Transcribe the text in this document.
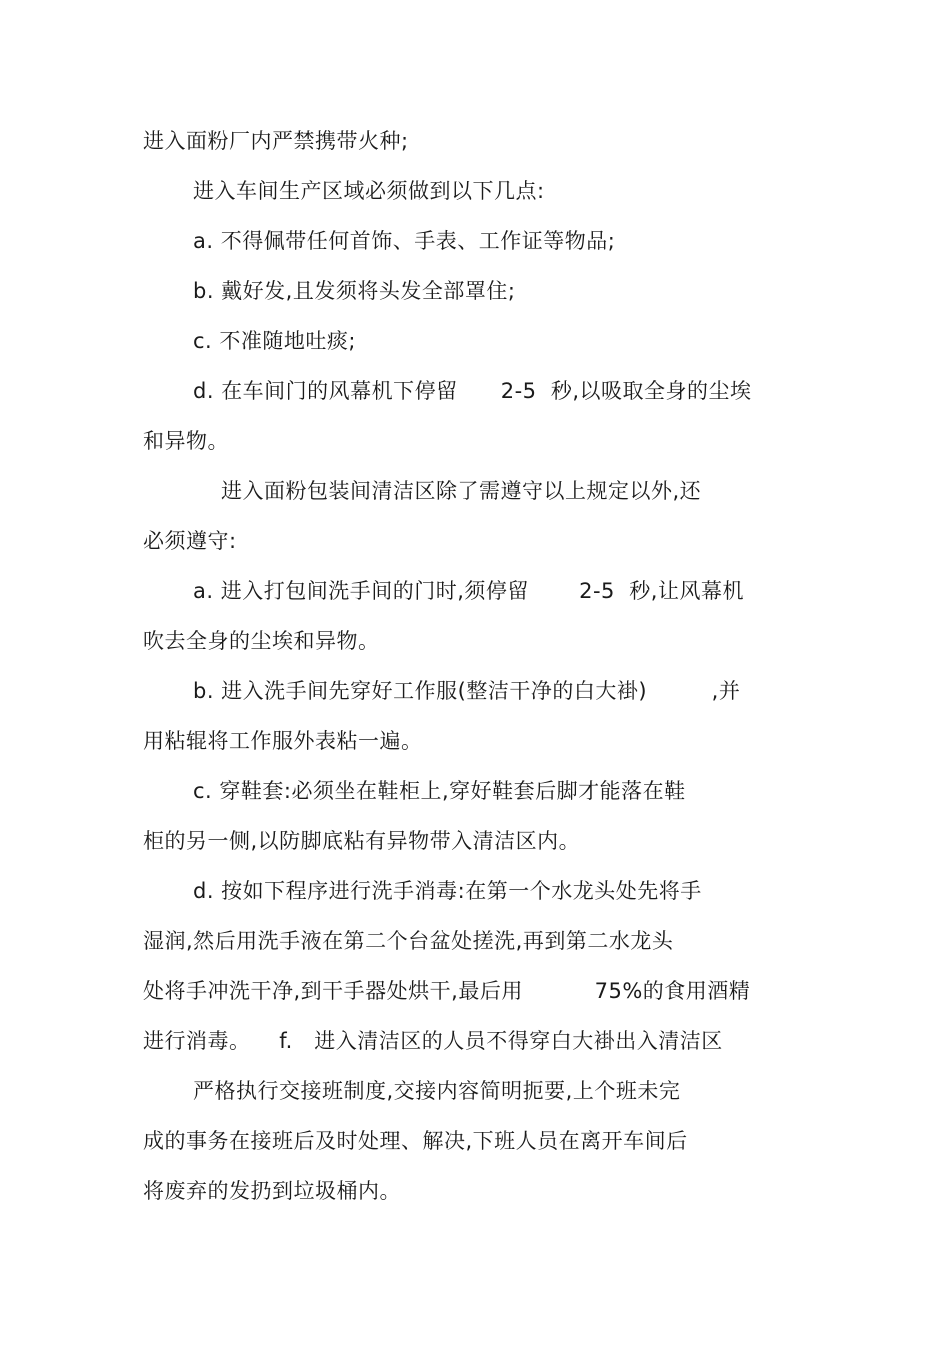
进入面粉厂内严禁携带火种;
进入车间生产区域必须做到以下几点:
a. 不得佩带任何首饰、手表、工作证等物品;
b. 戴好发,且发须将头发全部罩住;
c. 不准随地吐痰;
d. 在车间门的风幕机下停留      2-5  秒,以吸取全身的尘埃
和异物。
进入面粉包装间清洁区除了需遵守以上规定以外,还
必须遵守:
a. 进入打包间洗手间的门时,须停留       2-5  秒,让风幕机
吹去全身的尘埃和异物。
b. 进入洗手间先穿好工作服(整洁干净的白大褂)         ,并
用粘辊将工作服外表粘一遍。
c. 穿鞋套:必须坐在鞋柜上,穿好鞋套后脚才能落在鞋
柜的另一侧,以防脚底粘有异物带入清洁区内。
d. 按如下程序进行洗手消毒:在第一个水龙头处先将手
湿润,然后用洗手液在第二个台盆处搓洗,再到第二水龙头
处将手冲洗干净,到干手器处烘干,最后用          75%的食用酒精
进行消毒。    f.   进入清洁区的人员不得穿白大褂出入清洁区
严格执行交接班制度,交接内容简明扼要,上个班未完
成的事务在接班后及时处理、解决,下班人员在离开车间后
将废弃的发扔到垃圾桶内。
